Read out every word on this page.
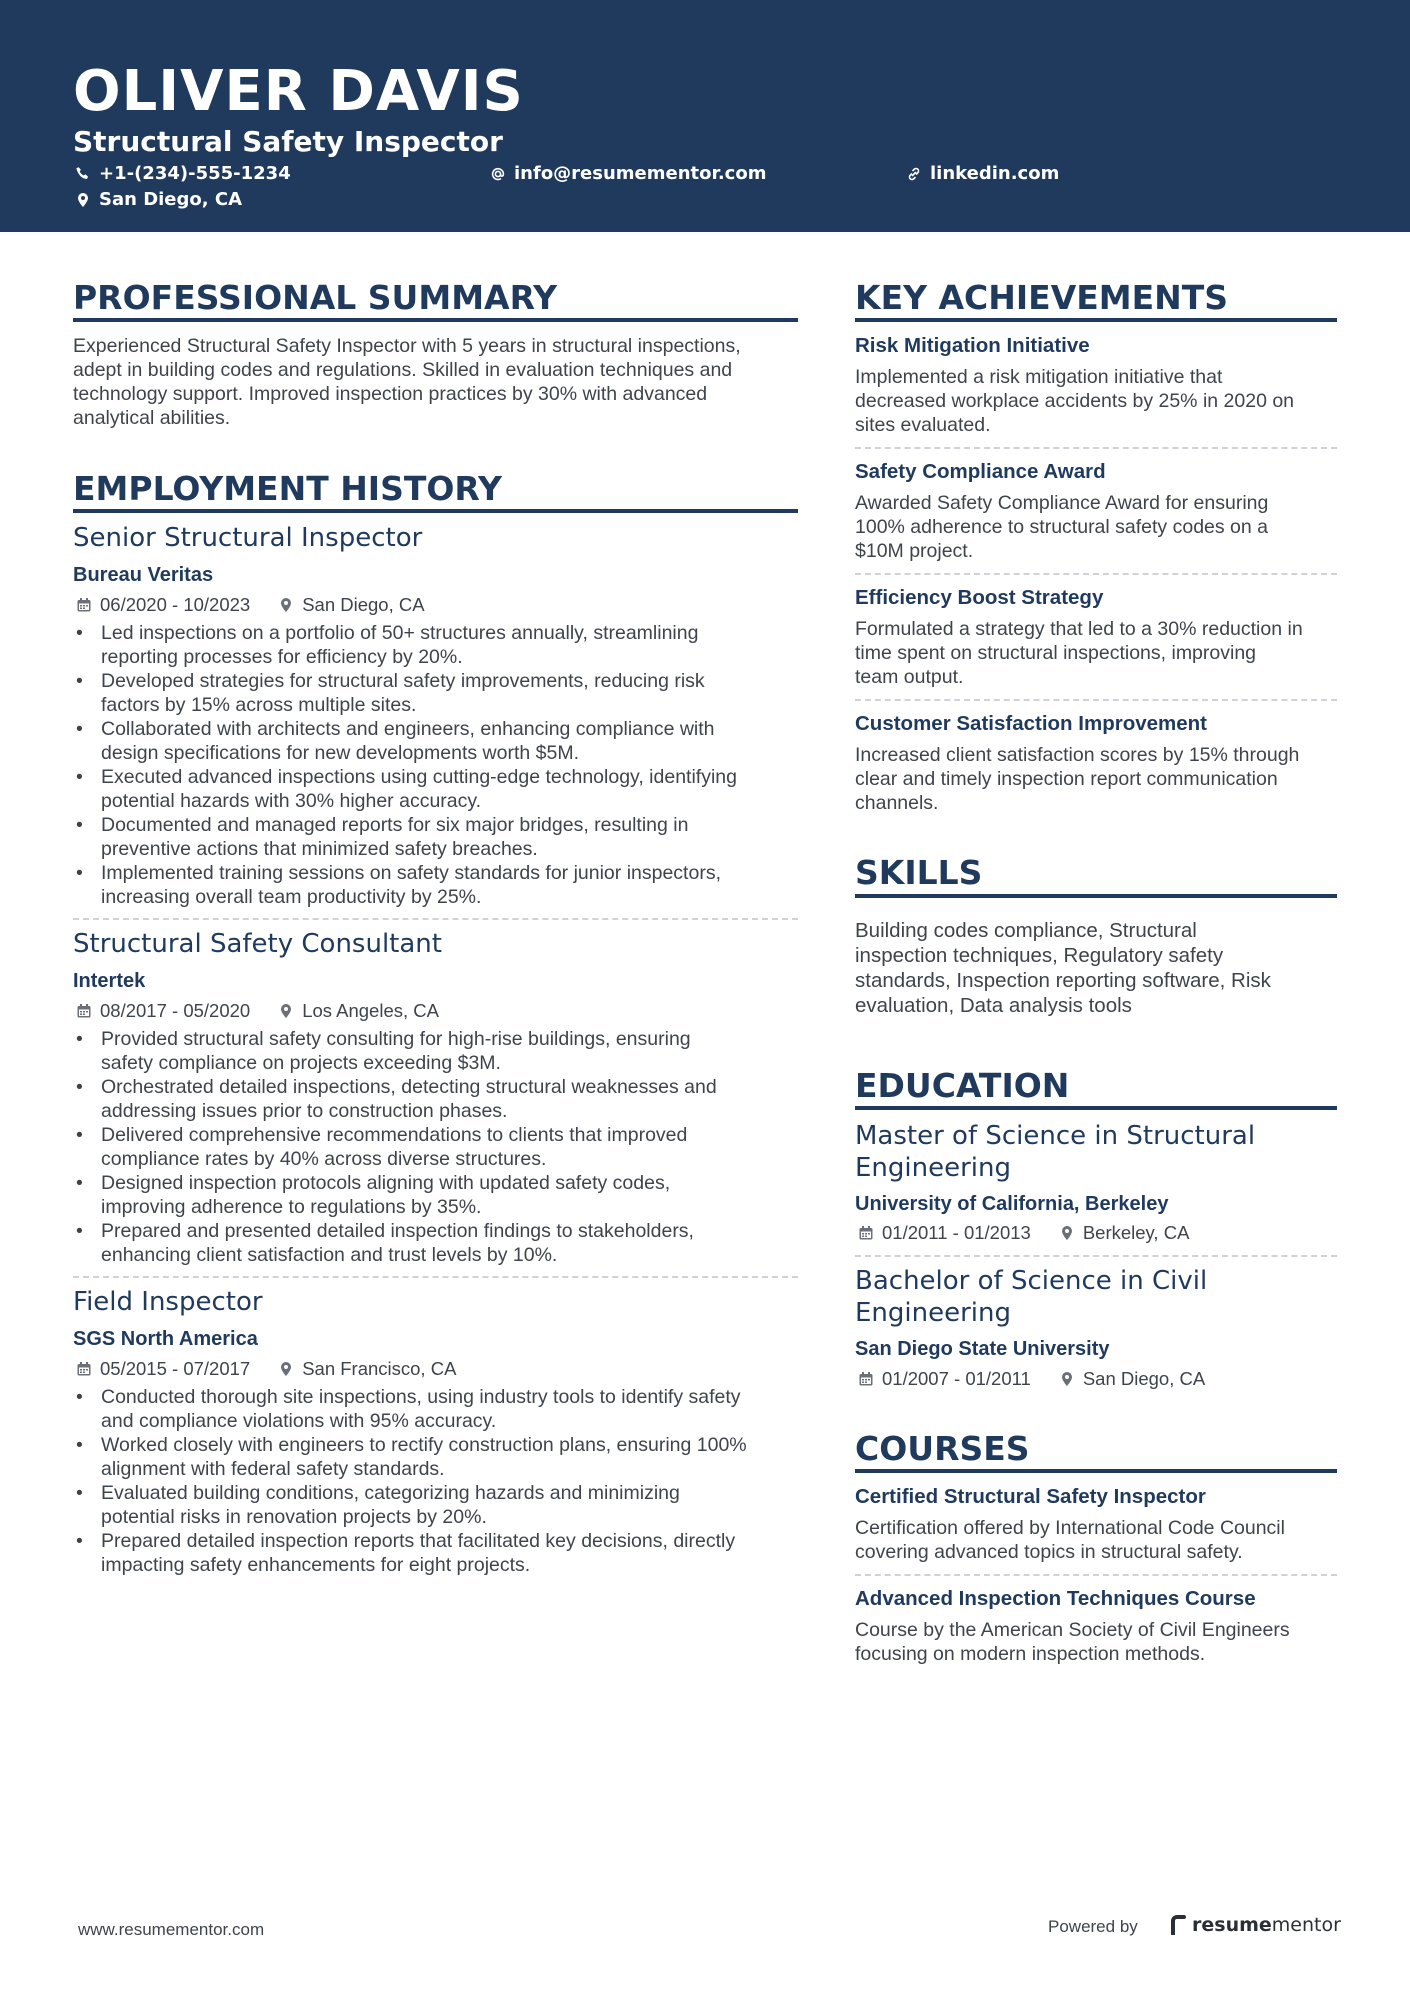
OLIVER DAVIS
Structural Safety Inspector
+1-(234)-555-1234	info@resumementor.com	linkedin.com
San Diego, CA
PROFESSIONAL SUMMARY
Experienced Structural Safety Inspector with 5 years in structural inspections,
adept in building codes and regulations. Skilled in evaluation techniques and
technology support. Improved inspection practices by 30% with advanced
analytical abilities.
EMPLOYMENT HISTORY
Senior Structural Inspector
Bureau Veritas
06/2020 - 10/2023	San Diego, CA
• Led inspections on a portfolio of 50+ structures annually, streamlining
reporting processes for efficiency by 20%.
• Developed strategies for structural safety improvements, reducing risk
factors by 15% across multiple sites.
• Collaborated with architects and engineers, enhancing compliance with
design specifications for new developments worth $5M.
• Executed advanced inspections using cutting-edge technology, identifying
potential hazards with 30% higher accuracy.
• Documented and managed reports for six major bridges, resulting in
preventive actions that minimized safety breaches.
• Implemented training sessions on safety standards for junior inspectors,
increasing overall team productivity by 25%.
Structural Safety Consultant
Intertek
08/2017 - 05/2020	Los Angeles, CA
• Provided structural safety consulting for high-rise buildings, ensuring
safety compliance on projects exceeding $3M.
• Orchestrated detailed inspections, detecting structural weaknesses and
addressing issues prior to construction phases.
• Delivered comprehensive recommendations to clients that improved
compliance rates by 40% across diverse structures.
• Designed inspection protocols aligning with updated safety codes,
improving adherence to regulations by 35%.
• Prepared and presented detailed inspection findings to stakeholders,
enhancing client satisfaction and trust levels by 10%.
Field Inspector
SGS North America
05/2015 - 07/2017	San Francisco, CA
• Conducted thorough site inspections, using industry tools to identify safety
and compliance violations with 95% accuracy.
• Worked closely with engineers to rectify construction plans, ensuring 100%
alignment with federal safety standards.
• Evaluated building conditions, categorizing hazards and minimizing
potential risks in renovation projects by 20%.
• Prepared detailed inspection reports that facilitated key decisions, directly
impacting safety enhancements for eight projects.
KEY ACHIEVEMENTS
Risk Mitigation Initiative
Implemented a risk mitigation initiative that
decreased workplace accidents by 25% in 2020 on
sites evaluated.
Safety Compliance Award
Awarded Safety Compliance Award for ensuring
100% adherence to structural safety codes on a
$10M project.
Efficiency Boost Strategy
Formulated a strategy that led to a 30% reduction in
time spent on structural inspections, improving
team output.
Customer Satisfaction Improvement
Increased client satisfaction scores by 15% through
clear and timely inspection report communication
channels.
SKILLS
Building codes compliance, Structural
inspection techniques, Regulatory safety
standards, Inspection reporting software, Risk
evaluation, Data analysis tools
EDUCATION
Master of Science in Structural
Engineering
University of California, Berkeley
01/2011 - 01/2013	Berkeley, CA
Bachelor of Science in Civil
Engineering
San Diego State University
01/2007 - 01/2011	San Diego, CA
COURSES
Certified Structural Safety Inspector
Certification offered by International Code Council
covering advanced topics in structural safety.
Advanced Inspection Techniques Course
Course by the American Society of Civil Engineers
focusing on modern inspection methods.
www.resumementor.com	Powered by	resumementor
